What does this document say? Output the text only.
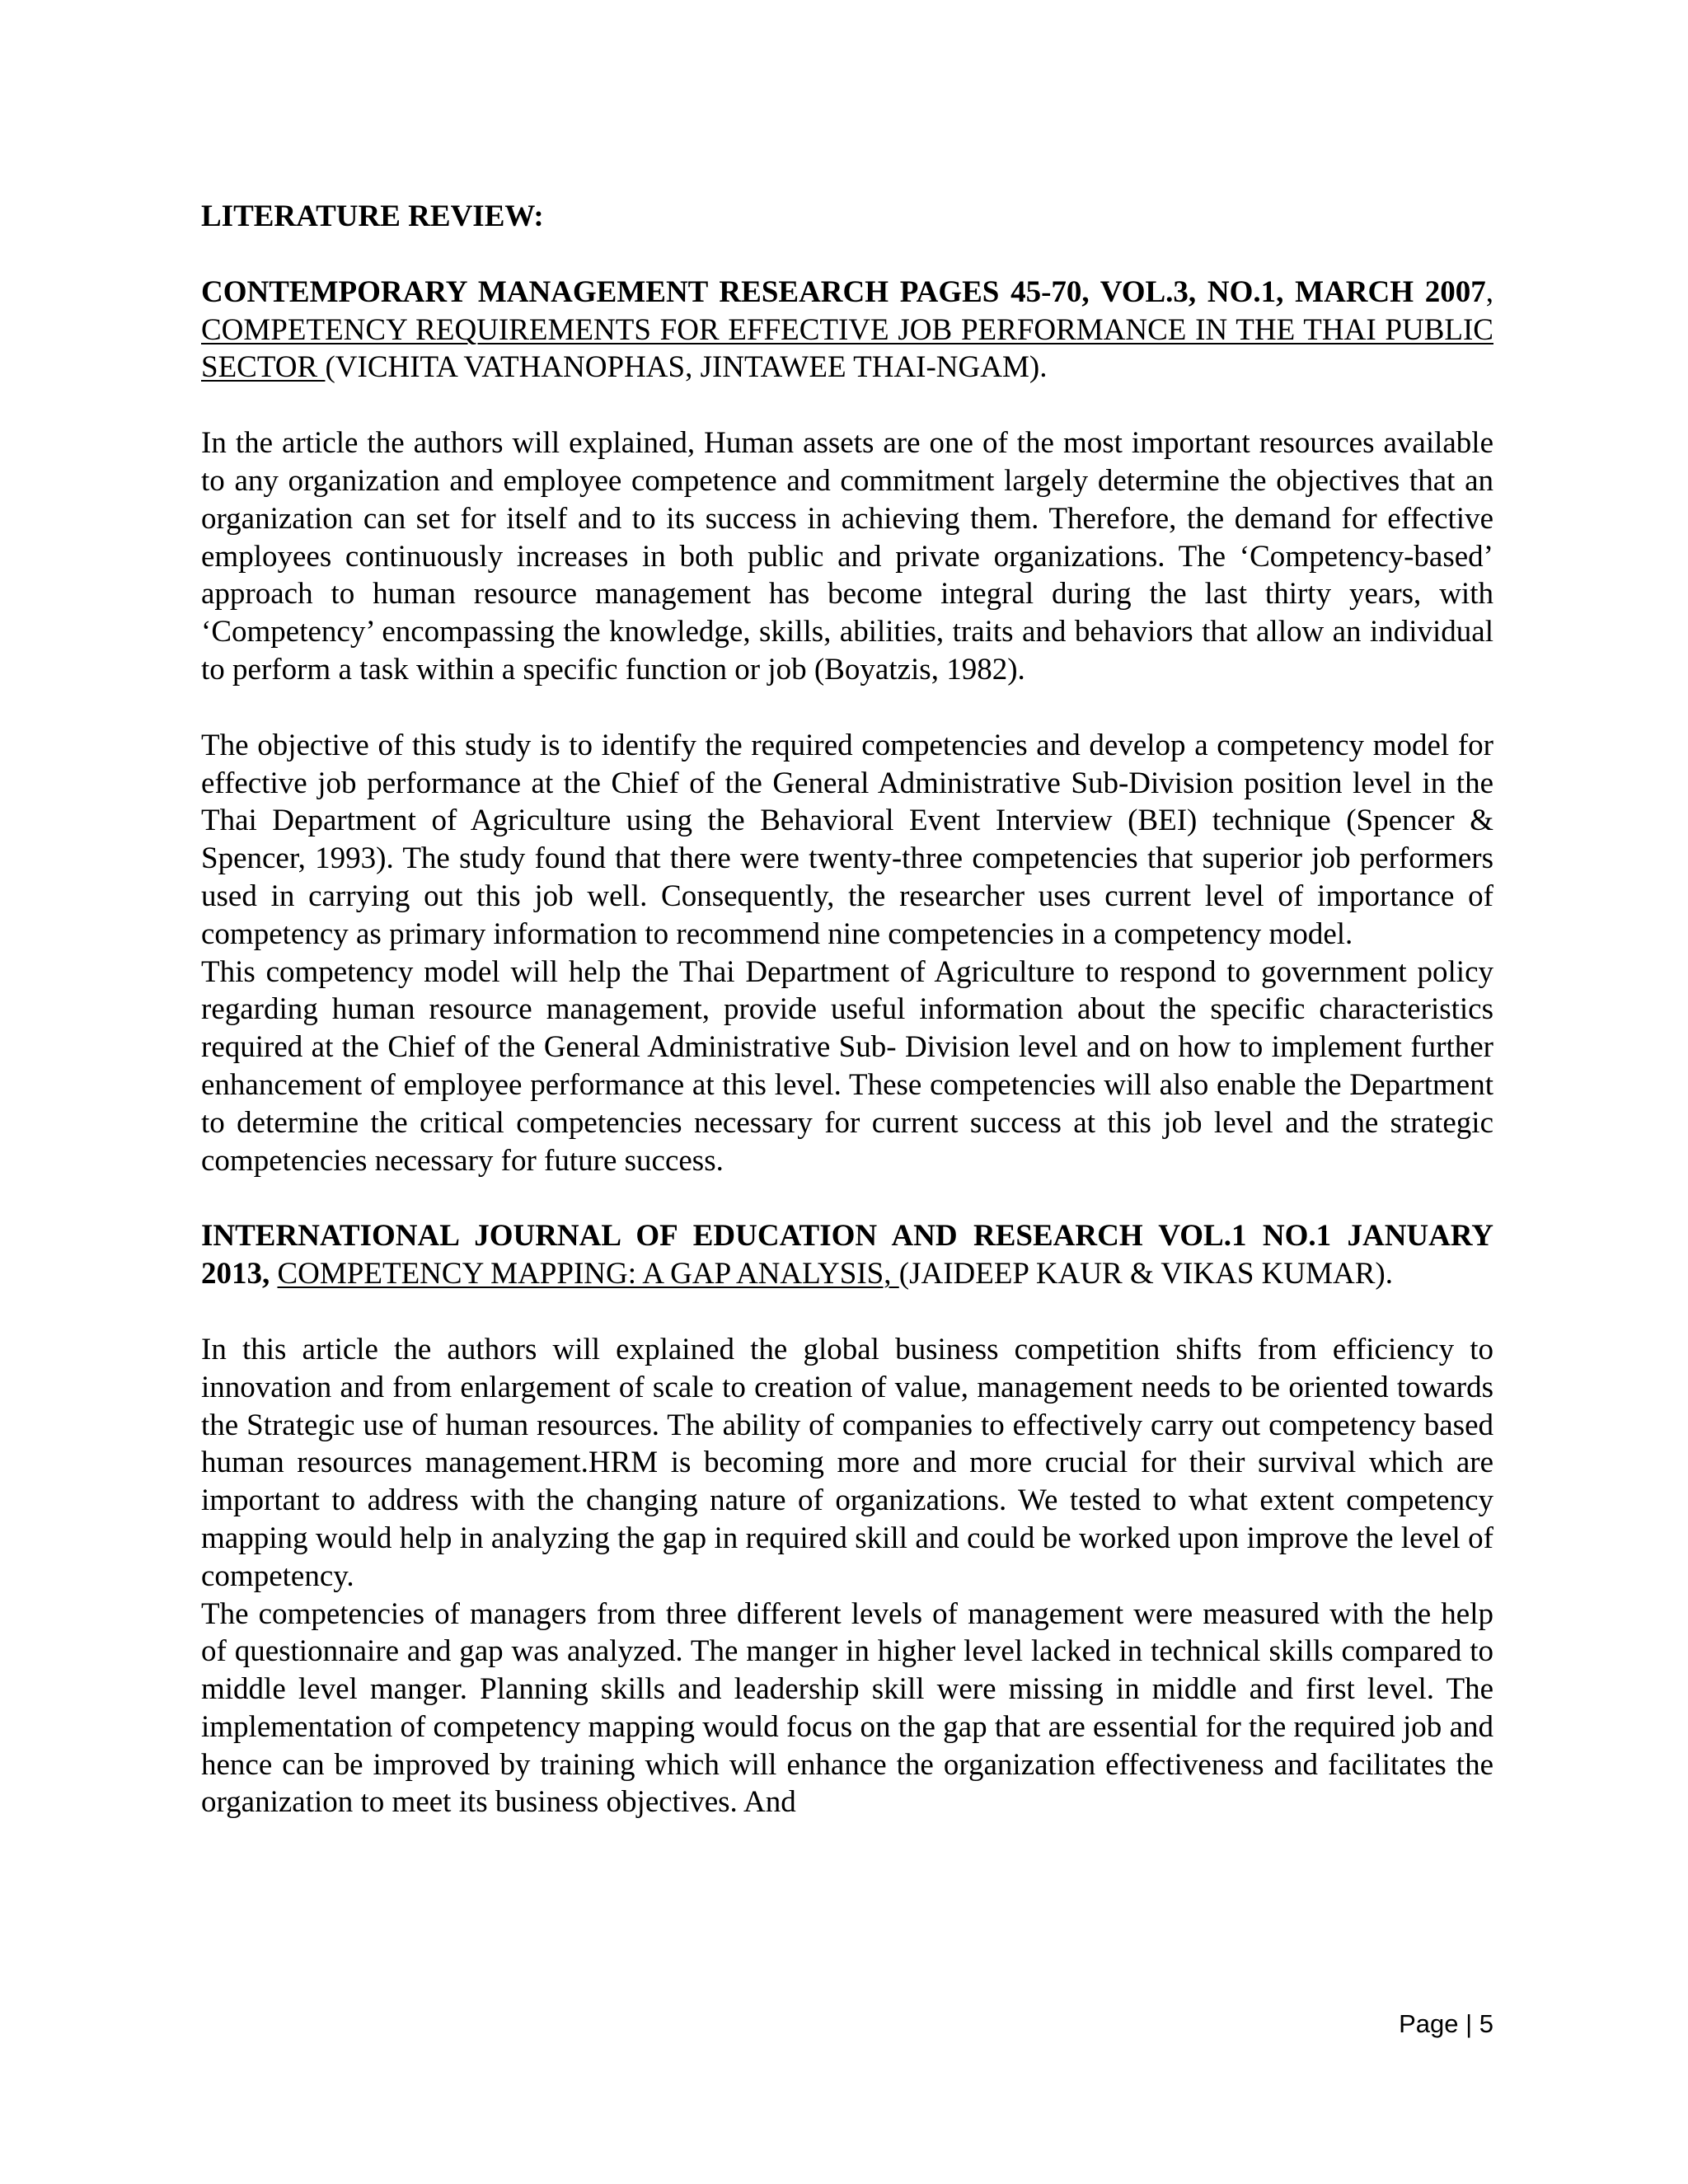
LITERATURE REVIEW:
CONTEMPORARY MANAGEMENT RESEARCH PAGES 45-70, VOL.3, NO.1, MARCH 2007, COMPETENCY REQUIREMENTS FOR EFFECTIVE JOB PERFORMANCE IN THE THAI PUBLIC SECTOR (VICHITA VATHANOPHAS, JINTAWEE THAI-NGAM).

In the article the authors will explained, Human assets are one of the most important resources available to any organization and employee competence and commitment largely determine the objectives that an organization can set for itself and to its success in achieving them. Therefore, the demand for effective employees continuously increases in both public and private organizations. The ‘Competency-based’ approach to human resource management has become integral during the last thirty years, with ‘Competency’ encompassing the knowledge, skills, abilities, traits and behaviors that allow an individual to perform a task within a specific function or job (Boyatzis, 1982).

The objective of this study is to identify the required competencies and develop a competency model for effective job performance at the Chief of the General Administrative Sub-Division position level in the Thai Department of Agriculture using the Behavioral Event Interview (BEI) technique (Spencer & Spencer, 1993). The study found that there were twenty-three competencies that superior job performers used in carrying out this job well. Consequently, the researcher uses current level of importance of competency as primary information to recommend nine competencies in a competency model.

This competency model will help the Thai Department of Agriculture to respond to government policy regarding human resource management, provide useful information about the specific characteristics required at the Chief of the General Administrative Sub- Division level and on how to implement further enhancement of employee performance at this level. These competencies will also enable the Department to determine the critical competencies necessary for current success at this job level and the strategic competencies necessary for future success.

INTERNATIONAL JOURNAL OF EDUCATION AND RESEARCH VOL.1 NO.1 JANUARY 2013, COMPETENCY MAPPING: A GAP ANALYSIS, (JAIDEEP KAUR & VIKAS KUMAR).

In this article the authors will explained the global business competition shifts from efficiency to innovation and from enlargement of scale to creation of value, management needs to be oriented towards the Strategic use of human resources. The ability of companies to effectively carry out competency based human resources management.HRM is becoming more and more crucial for their survival which are important to address with the changing nature of organizations. We tested to what extent competency mapping would help in analyzing the gap in required skill and could be worked upon improve the level of competency.

The competencies of managers from three different levels of management were measured with the help of questionnaire and gap was analyzed. The manger in higher level lacked in technical skills compared to middle level manger. Planning skills and leadership skill were missing in middle and first level. The implementation of competency mapping would focus on the gap that are essential for the required job and hence can be improved by training which will enhance the organization effectiveness and facilitates the organization to meet its business objectives. And

Page | 5
